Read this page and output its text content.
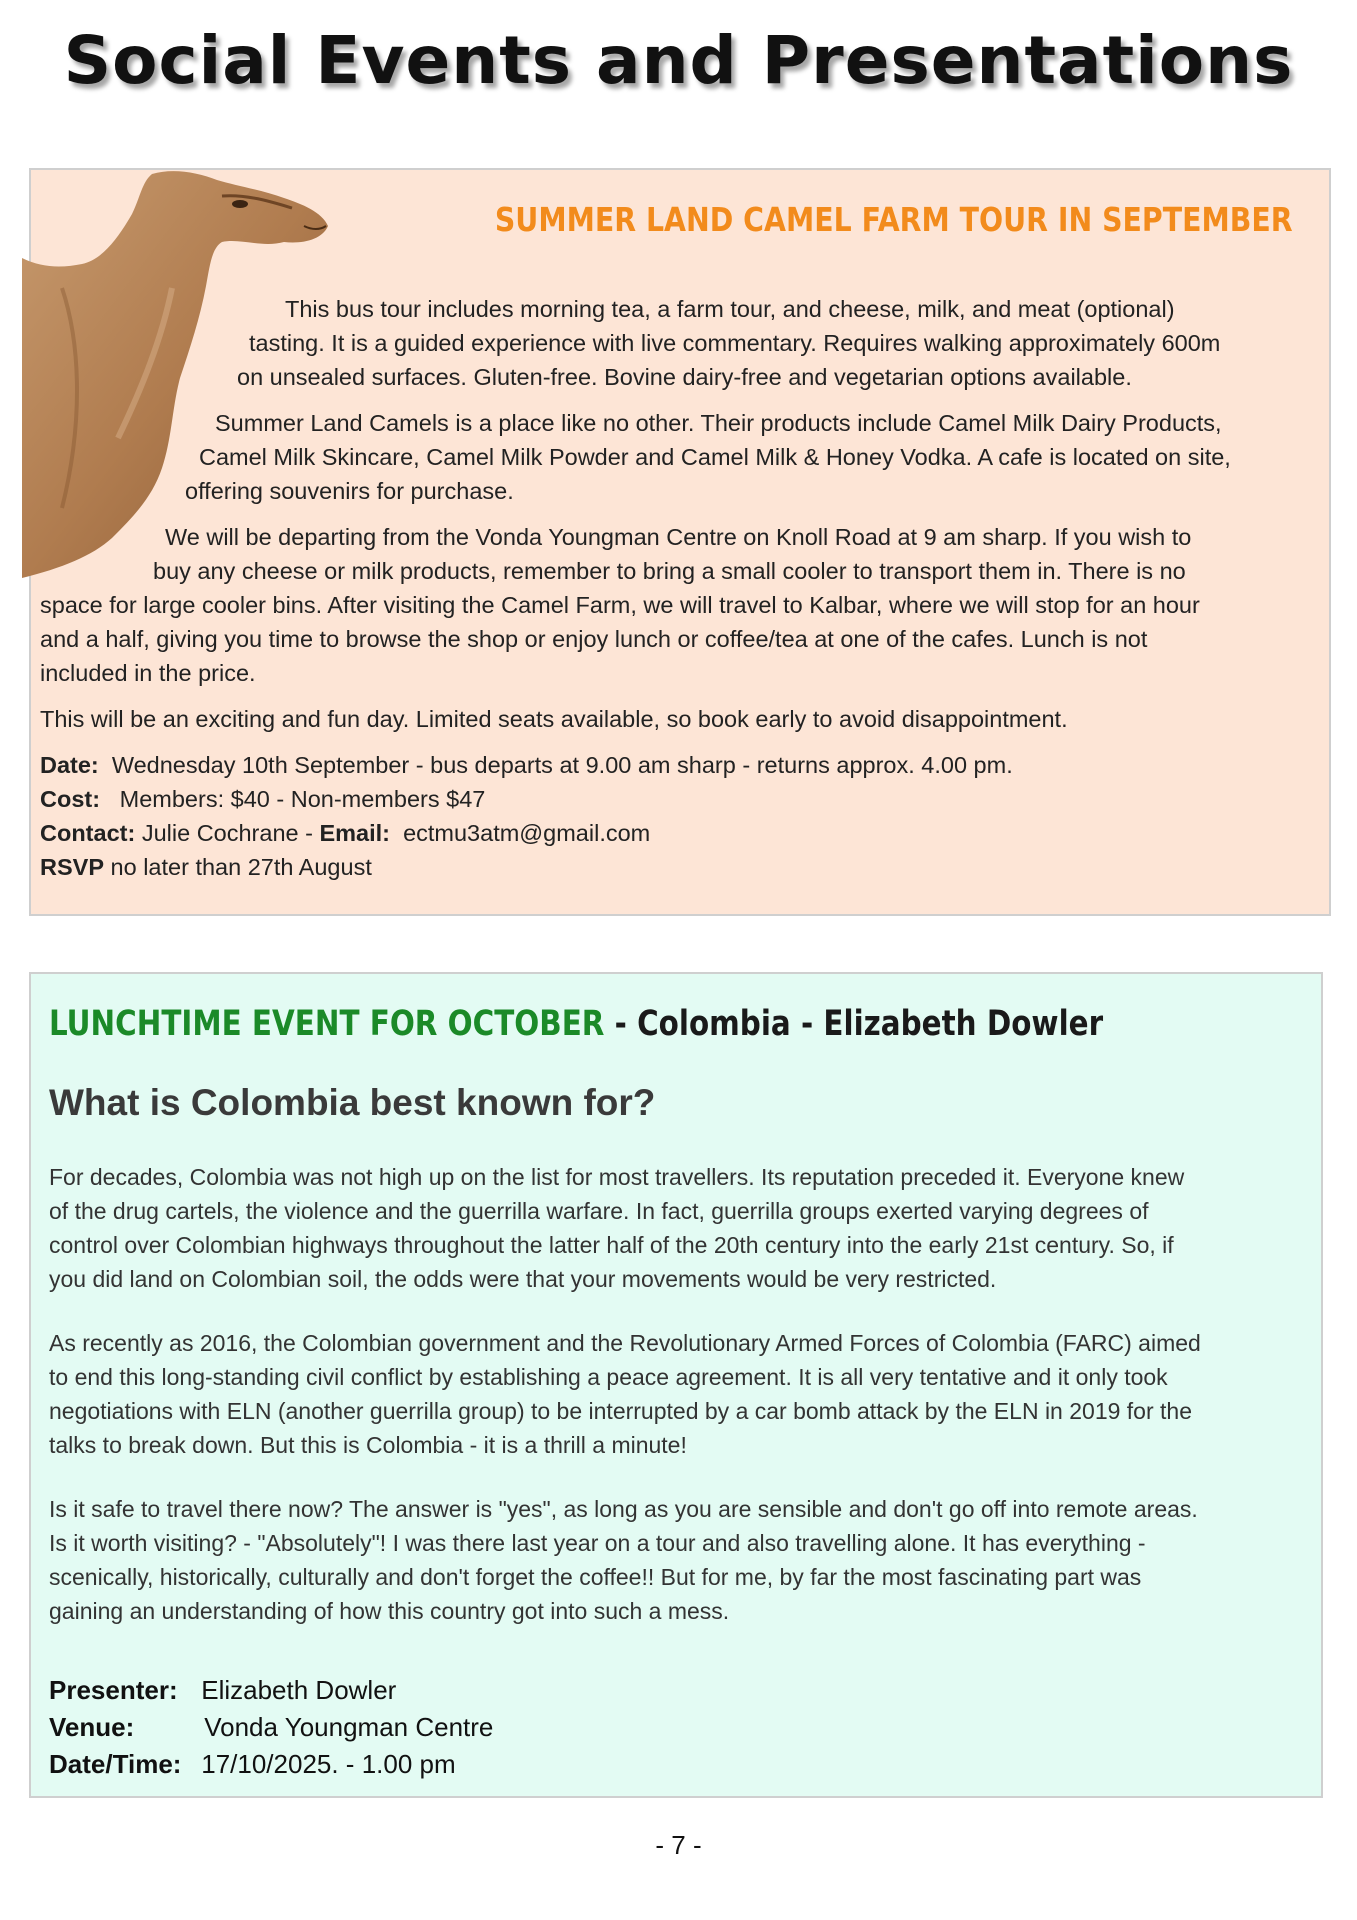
Social Events and Presentations
SUMMER LAND CAMEL FARM TOUR IN SEPTEMBER
This bus tour includes morning tea, a farm tour, and cheese, milk, and meat (optional)
tasting. It is a guided experience with live commentary. Requires walking approximately 600m
on unsealed surfaces. Gluten-free. Bovine dairy-free and vegetarian options available.
Summer Land Camels is a place like no other. Their products include Camel Milk Dairy Products,
Camel Milk Skincare, Camel Milk Powder and Camel Milk & Honey Vodka. A cafe is located on site,
offering souvenirs for purchase.
We will be departing from the Vonda Youngman Centre on Knoll Road at 9 am sharp. If you wish to
buy any cheese or milk products, remember to bring a small cooler to transport them in. There is no
space for large cooler bins. After visiting the Camel Farm, we will travel to Kalbar, where we will stop for an hour
and a half, giving you time to browse the shop or enjoy lunch or coffee/tea at one of the cafes. Lunch is not
included in the price.
This will be an exciting and fun day. Limited seats available, so book early to avoid disappointment.
Date: Wednesday 10th September - bus departs at 9.00 am sharp - returns approx. 4.00 pm.
Cost: Members: $40 - Non-members $47
Contact: Julie Cochrane - Email: ectmu3atm@gmail.com
RSVP no later than 27th August
LUNCHTIME EVENT FOR OCTOBER - Colombia - Elizabeth Dowler
What is Colombia best known for?
For decades, Colombia was not high up on the list for most travellers. Its reputation preceded it. Everyone knew
of the drug cartels, the violence and the guerrilla warfare. In fact, guerrilla groups exerted varying degrees of
control over Colombian highways throughout the latter half of the 20th century into the early 21st century. So, if
you did land on Colombian soil, the odds were that your movements would be very restricted.
As recently as 2016, the Colombian government and the Revolutionary Armed Forces of Colombia (FARC) aimed
to end this long-standing civil conflict by establishing a peace agreement. It is all very tentative and it only took
negotiations with ELN (another guerrilla group) to be interrupted by a car bomb attack by the ELN in 2019 for the
talks to break down. But this is Colombia - it is a thrill a minute!
Is it safe to travel there now? The answer is "yes", as long as you are sensible and don't go off into remote areas.
Is it worth visiting? - "Absolutely"! I was there last year on a tour and also travelling alone. It has everything -
scenically, historically, culturally and don't forget the coffee!! But for me, by far the most fascinating part was
gaining an understanding of how this country got into such a mess.
Presenter: Elizabeth Dowler
Venue:	Vonda Youngman Centre
Date/Time: 17/10/2025. - 1.00 pm
- 7 -
